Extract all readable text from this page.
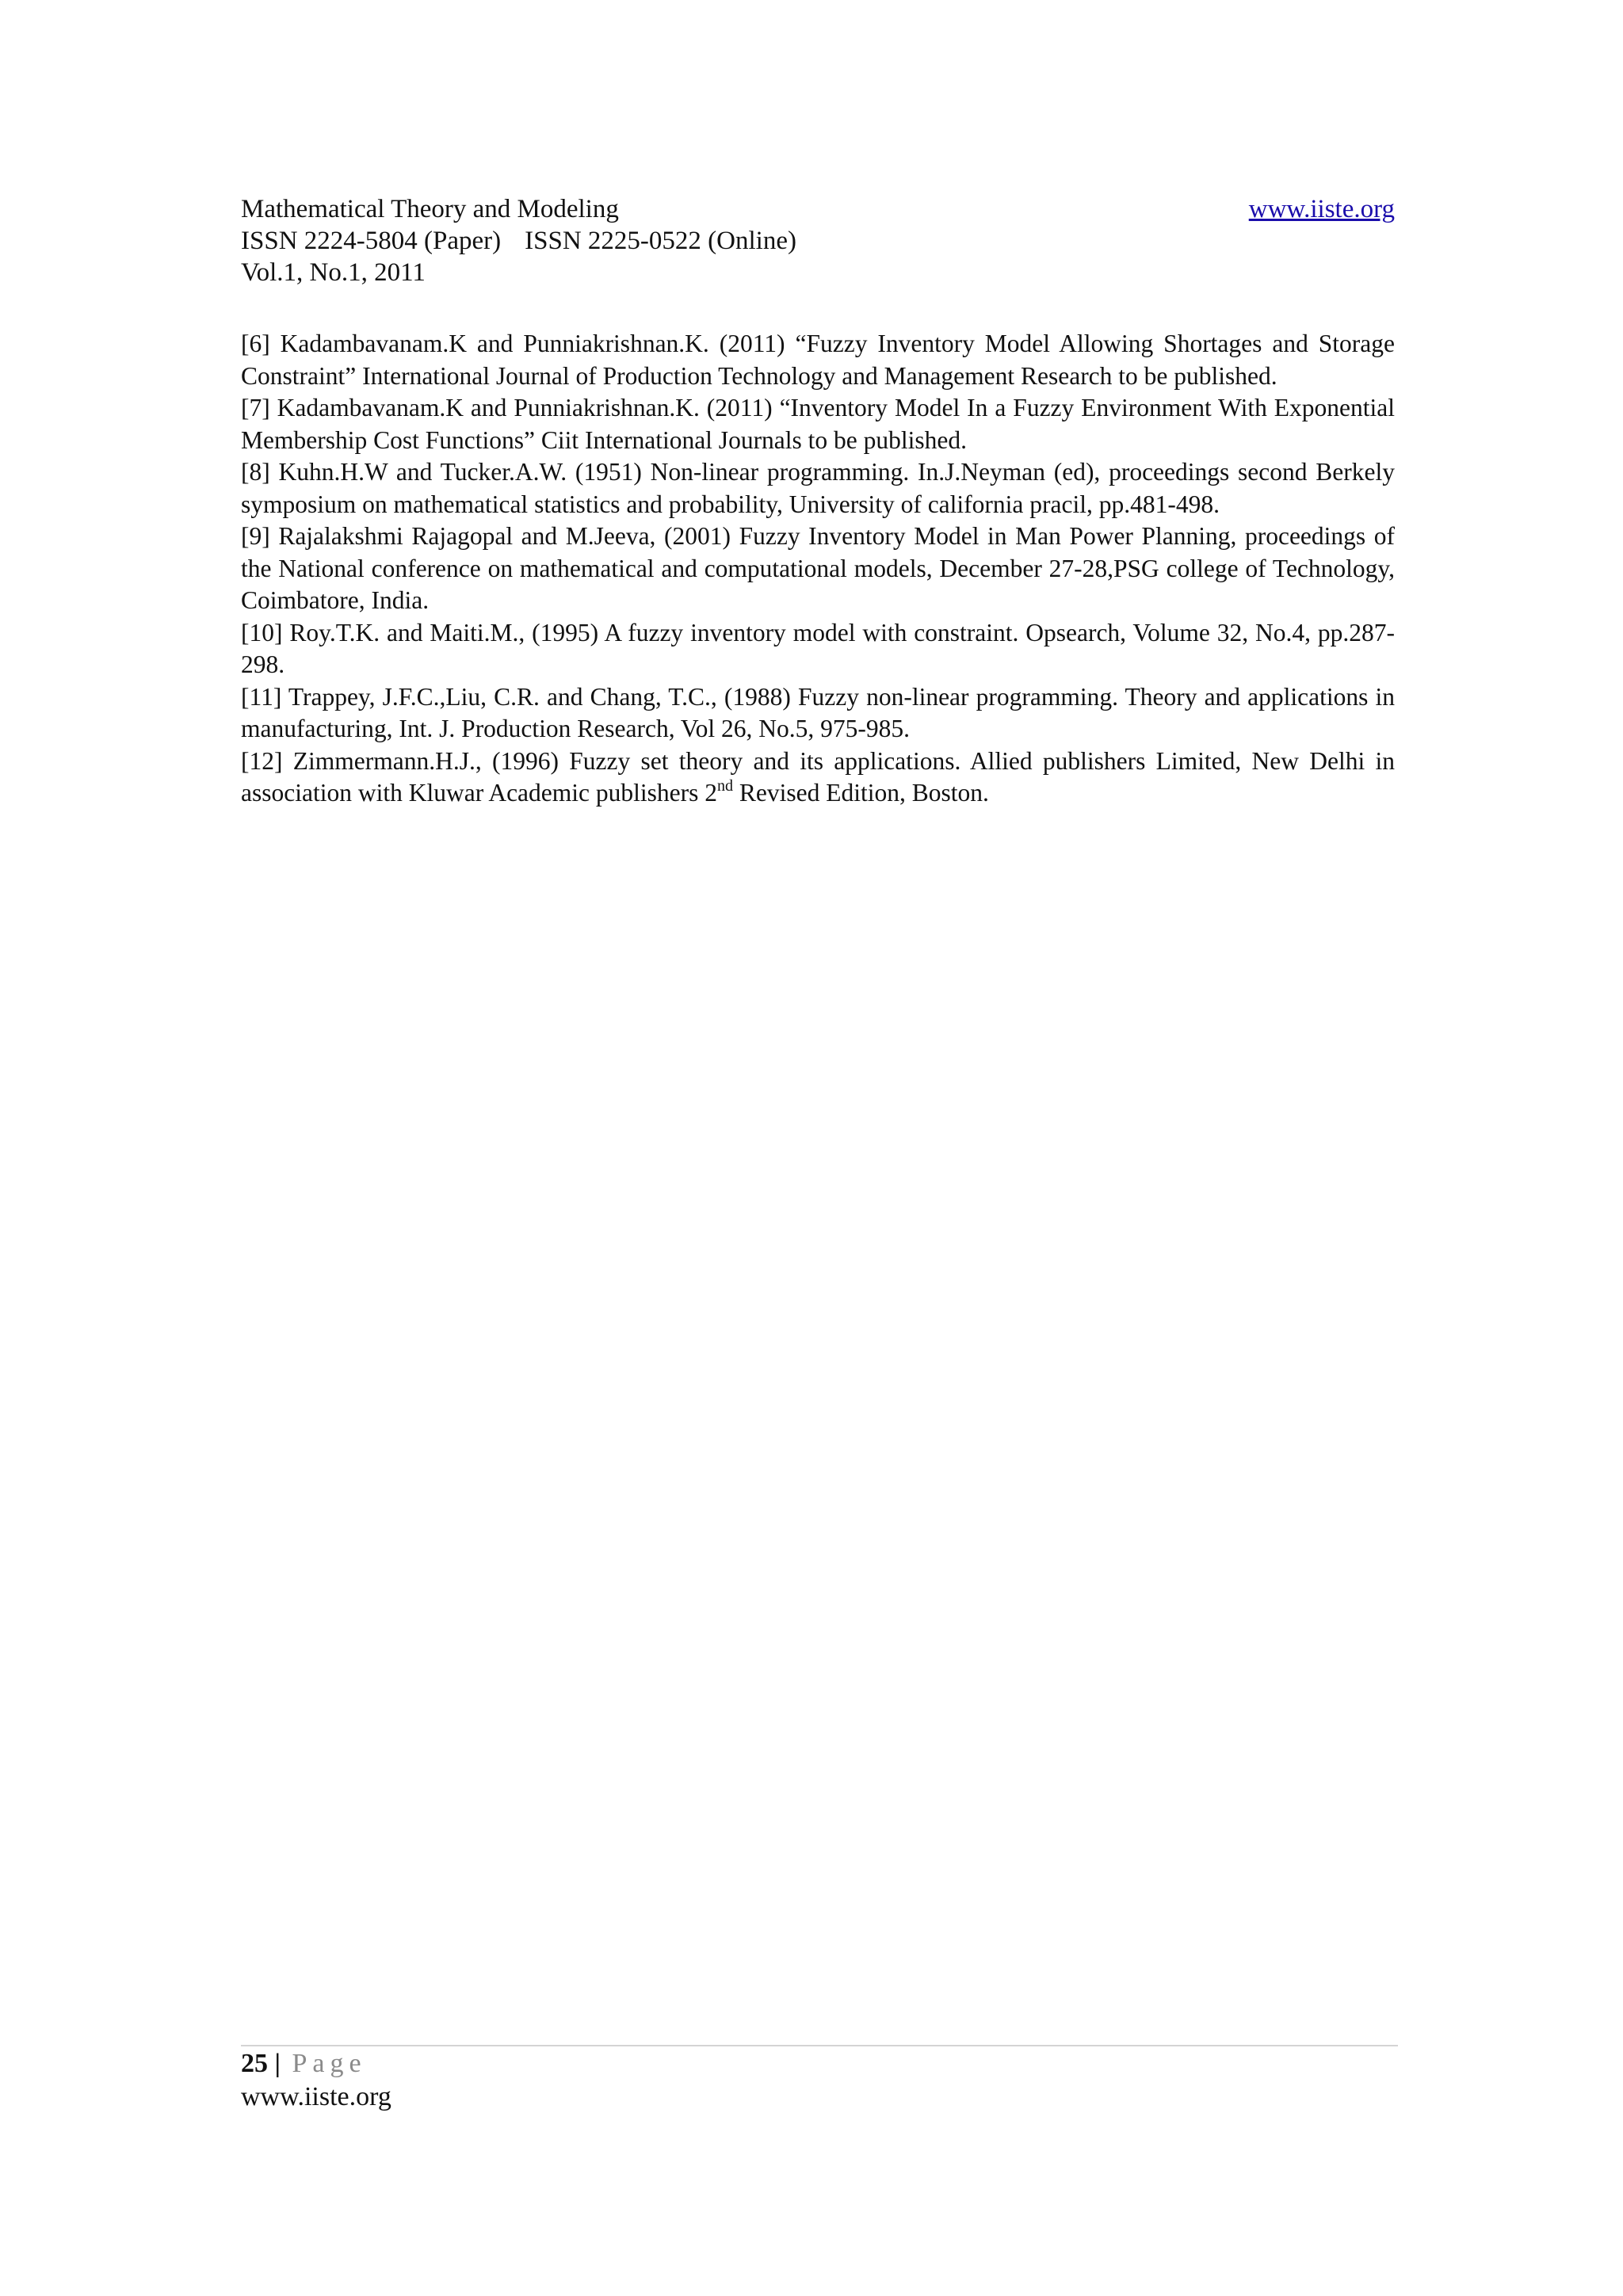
Mathematical Theory and Modeling	www.iiste.org
ISSN 2224-5804 (Paper) ISSN 2225-0522 (Online)
Vol.1, No.1, 2011

[6] Kadambavanam.K and Punniakrishnan.K. (2011) “Fuzzy Inventory Model Allowing Shortages and Storage Constraint” International Journal of Production Technology and Management Research to be published.

[7] Kadambavanam.K and Punniakrishnan.K. (2011) “Inventory Model In a Fuzzy Environment With Exponential Membership Cost Functions” Ciit International Journals to be published.

[8] Kuhn.H.W and Tucker.A.W. (1951) Non-linear programming. In.J.Neyman (ed), proceedings second Berkely symposium on mathematical statistics and probability, University of california pracil, pp.481-498.

[9] Rajalakshmi Rajagopal and M.Jeeva, (2001) Fuzzy Inventory Model in Man Power Planning, proceedings of the National conference on mathematical and computational models, December 27-28,PSG college of Technology, Coimbatore, India.

[10] Roy.T.K. and Maiti.M., (1995) A fuzzy inventory model with constraint. Opsearch, Volume 32, No.4, pp.287-298.

[11] Trappey, J.F.C.,Liu, C.R. and Chang, T.C., (1988) Fuzzy non-linear programming. Theory and applications in manufacturing, Int. J. Production Research, Vol 26, No.5, 975-985.

[12] Zimmermann.H.J., (1996) Fuzzy set theory and its applications. Allied publishers Limited, New Delhi in association with Kluwar Academic publishers 2nd Revised Edition, Boston.

25 | Page
www.iiste.org
